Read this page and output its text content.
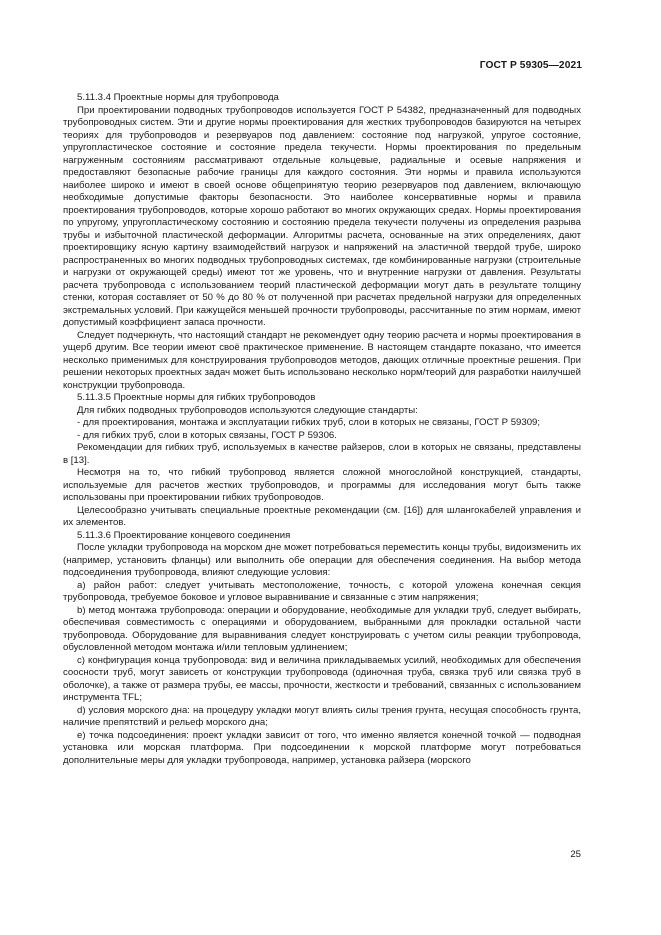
ГОСТ Р 59305—2021

5.11.3.4 Проектные нормы для трубопровода

При проектировании подводных трубопроводов используется ГОСТ Р 54382, предназначенный для подводных трубопроводных систем. Эти и другие нормы проектирования для жестких трубопроводов базируются на четырех теориях для трубопроводов и резервуаров под давлением: состояние под нагрузкой, упругое состояние, упругопластическое состояние и состояние предела текучести. Нормы проектирования по предельным нагруженным состояниям рассматривают отдельные кольцевые, радиальные и осевые напряжения и предоставляют безопасные рабочие границы для каждого состояния. Эти нормы и правила используются наиболее широко и имеют в своей основе общепринятую теорию резервуаров под давлением, включающую необходимые допустимые факторы безопасности. Это наиболее консервативные нормы и правила проектирования трубопроводов, которые хорошо работают во многих окружающих средах. Нормы проектирования по упругому, упругопластическому состоянию и состоянию предела текучести получены из определения разрыва трубы и избыточной пластической деформации. Алгоритмы расчета, основанные на этих определениях, дают проектировщику ясную картину взаимодействий нагрузок и напряжений на эластичной твердой трубе, широко распространенных во многих подводных трубопроводных системах, где комбинированные нагрузки (строительные и нагрузки от окружающей среды) имеют тот же уровень, что и внутренние нагрузки от давления. Результаты расчета трубопровода с использованием теорий пластической деформации могут дать в результате толщину стенки, которая составляет от 50 % до 80 % от полученной при расчетах предельной нагрузки для определенных экстремальных условий. При кажущейся меньшей прочности трубопроводы, рассчитанные по этим нормам, имеют допустимый коэффициент запаса прочности.

Следует подчеркнуть, что настоящий стандарт не рекомендует одну теорию расчета и нормы проектирования в ущерб другим. Все теории имеют своё практическое применение. В настоящем стандарте показано, что имеется несколько применимых для конструирования трубопроводов методов, дающих отличные проектные решения. При решении некоторых проектных задач может быть использовано несколько норм/теорий для разработки наилучшей конструкции трубопровода.

5.11.3.5 Проектные нормы для гибких трубопроводов

Для гибких подводных трубопроводов используются следующие стандарты:

- для проектирования, монтажа и эксплуатации гибких труб, слои в которых не связаны, ГОСТ Р 59309;

- для гибких труб, слои в которых связаны, ГОСТ Р 59306.

Рекомендации для гибких труб, используемых в качестве райзеров, слои в которых не связаны, представлены в [13].

Несмотря на то, что гибкий трубопровод является сложной многослойной конструкцией, стандарты, используемые для расчетов жестких трубопроводов, и программы для исследования могут быть также использованы при проектировании гибких трубопроводов.

Целесообразно учитывать специальные проектные рекомендации (см. [16]) для шлангокабелей управления и их элементов.

5.11.3.6 Проектирование концевого соединения

После укладки трубопровода на морском дне может потребоваться переместить концы трубы, видоизменить их (например, установить фланцы) или выполнить обе операции для обеспечения соединения. На выбор метода подсоединения трубопровода, влияют следующие условия:

a) район работ: следует учитывать местоположение, точность, с которой уложена конечная секция трубопровода, требуемое боковое и угловое выравнивание и связанные с этим напряжения;

b) метод монтажа трубопровода: операции и оборудование, необходимые для укладки труб, следует выбирать, обеспечивая совместимость с операциями и оборудованием, выбранными для прокладки остальной части трубопровода. Оборудование для выравнивания следует конструировать с учетом силы реакции трубопровода, обусловленной методом монтажа и/или тепловым удлинением;

c) конфигурация конца трубопровода: вид и величина прикладываемых усилий, необходимых для обеспечения соосности труб, могут зависеть от конструкции трубопровода (одиночная труба, связка труб или связка труб в оболочке), а также от размера трубы, ее массы, прочности, жесткости и требований, связанных с использованием инструмента TFL;

d) условия морского дна: на процедуру укладки могут влиять силы трения грунта, несущая способность грунта, наличие препятствий и рельеф морского дна;

e) точка подсоединения: проект укладки зависит от того, что именно является конечной точкой — подводная установка или морская платформа. При подсоединении к морской платформе могут потребоваться дополнительные меры для укладки трубопровода, например, установка райзера (морского

25
